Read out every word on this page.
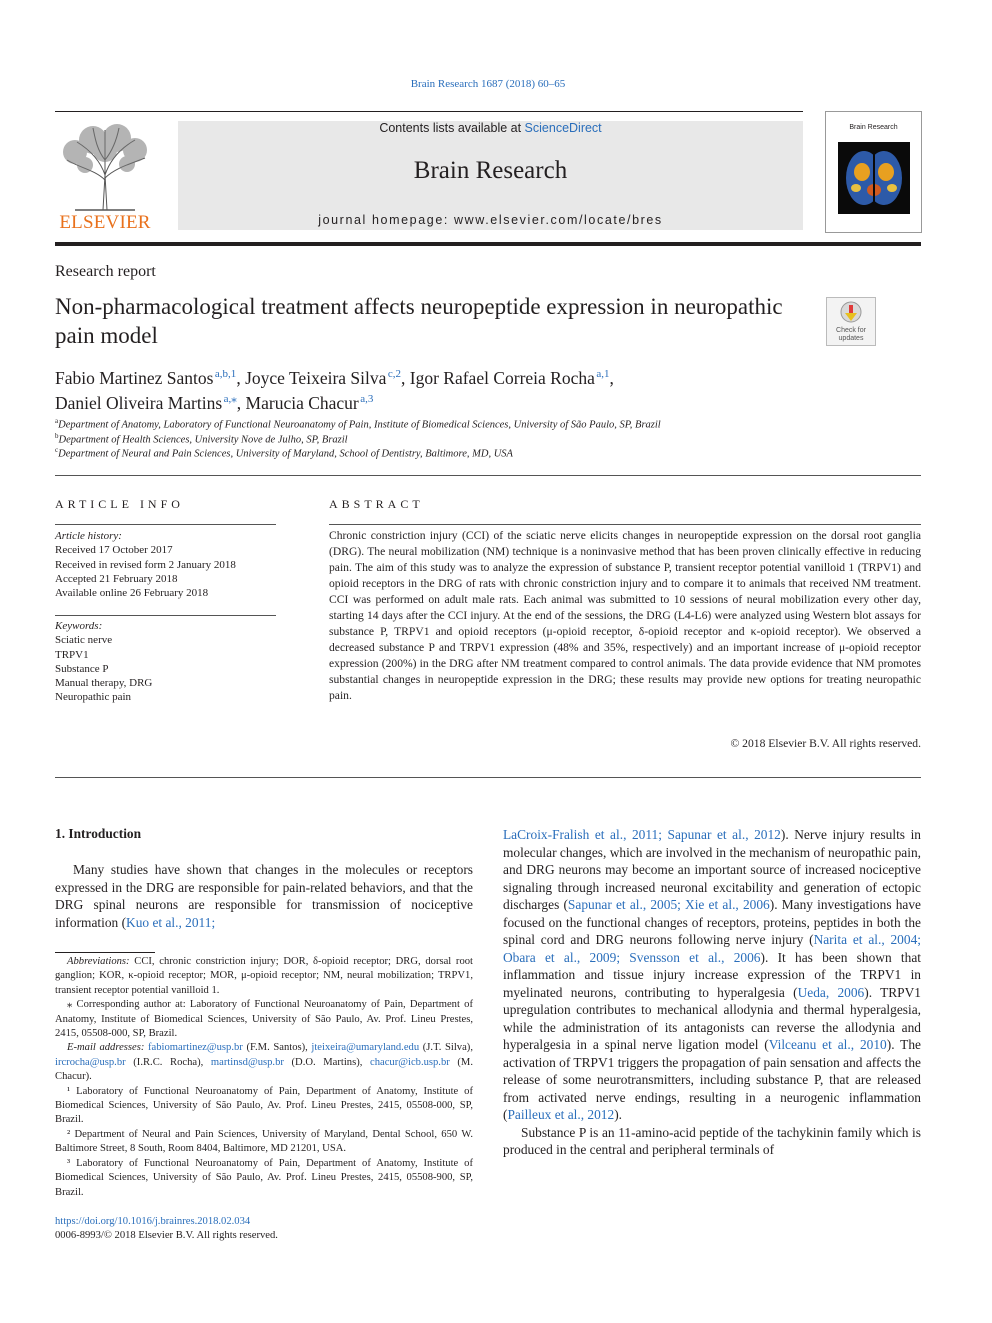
Brain Research 1687 (2018) 60–65
ELSEVIER
Contents lists available at ScienceDirect
Brain Research
journal homepage: www.elsevier.com/locate/bres
Brain Research
Research report
Non-pharmacological treatment affects neuropeptide expression in neuropathic pain model	Check for updates
Fabio Martinez Santos $^{a,b,1}$, Joyce Teixeira Silva $^{c,2}$, Igor Rafael Correia Rocha $^{a,1}$,
Daniel Oliveira Martins $^{a,⁎}$, Marucia Chacur $^{a,3}$
$^a$Department of Anatomy, Laboratory of Functional Neuroanatomy of Pain, Institute of Biomedical Sciences, University of São Paulo, SP, Brazil
$^b$Department of Health Sciences, University Nove de Julho, SP, Brazil
$^c$Department of Neural and Pain Sciences, University of Maryland, School of Dentistry, Baltimore, MD, USA
ARTICLE INFO
Article history:
Received 17 October 2017
Received in revised form 2 January 2018
Accepted 21 February 2018
Available online 26 February 2018
Keywords:
Sciatic nerve
TRPV1
Substance P
Manual therapy, DRG
Neuropathic pain
ABSTRACT
Chronic constriction injury (CCI) of the sciatic nerve elicits changes in neuropeptide expression on the dorsal root ganglia (DRG). The neural mobilization (NM) technique is a noninvasive method that has been proven clinically effective in reducing pain. The aim of this study was to analyze the expression of substance P, transient receptor potential vanilloid 1 (TRPV1) and opioid receptors in the DRG of rats with chronic constriction injury and to compare it to animals that received NM treatment. CCI was performed on adult male rats. Each animal was submitted to 10 sessions of neural mobilization every other day, starting 14 days after the CCI injury. At the end of the sessions, the DRG (L4-L6) were analyzed using Western blot assays for substance P, TRPV1 and opioid receptors (μ-opioid receptor, δ-opioid receptor and κ-opioid receptor). We observed a decreased substance P and TRPV1 expression (48% and 35%, respectively) and an important increase of μ-opioid receptor expression (200%) in the DRG after NM treatment compared to control animals. The data provide evidence that NM promotes substantial changes in neuropeptide expression in the DRG; these results may provide new options for treating neuropathic pain.
© 2018 Elsevier B.V. All rights reserved.
1. Introduction
Many studies have shown that changes in the molecules or receptors expressed in the DRG are responsible for pain-related behaviors, and that the DRG spinal neurons are responsible for transmission of nociceptive information (Kuo et al., 2011;

LaCroix-Fralish et al., 2011; Sapunar et al., 2012). Nerve injury results in molecular changes, which are involved in the mechanism of neuropathic pain, and DRG neurons may become an important source of increased nociceptive signaling through increased neuronal excitability and generation of ectopic discharges (Sapunar et al., 2005; Xie et al., 2006). Many investigations have focused on the functional changes of receptors, proteins, peptides in both the spinal cord and DRG neurons following nerve injury (Narita et al., 2004; Obara et al., 2009; Svensson et al., 2006). It has been shown that inflammation and tissue injury increase expression of the TRPV1 in myelinated neurons, contributing to hyperalgesia (Ueda, 2006). TRPV1 upregulation contributes to mechanical allodynia and thermal hyperalgesia, while the administration of its antagonists can reverse the allodynia and hyperalgesia in a spinal nerve ligation model (Vilceanu et al., 2010). The activation of TRPV1 triggers the propagation of pain sensation and affects the release of some neurotransmitters, including substance P, that are released from activated nerve endings, resulting in a neurogenic inflammation (Pailleux et al., 2012).

Substance P is an 11-amino-acid peptide of the tachykinin family which is produced in the central and peripheral terminals of

Abbreviations: CCI, chronic constriction injury; DOR, δ-opioid receptor; DRG, dorsal root ganglion; KOR, κ-opioid receptor; MOR, μ-opioid receptor; NM, neural mobilization; TRPV1, transient receptor potential vanilloid 1.

⁎ Corresponding author at: Laboratory of Functional Neuroanatomy of Pain, Department of Anatomy, Institute of Biomedical Sciences, University of São Paulo, Av. Prof. Lineu Prestes, 2415, 05508-000, SP, Brazil.

E-mail addresses: fabiomartinez@usp.br (F.M. Santos), jteixeira@umaryland.edu (J.T. Silva), ircrocha@usp.br (I.R.C. Rocha), martinsd@usp.br (D.O. Martins), chacur@icb.usp.br (M. Chacur).

¹ Laboratory of Functional Neuroanatomy of Pain, Department of Anatomy, Institute of Biomedical Sciences, University of São Paulo, Av. Prof. Lineu Prestes, 2415, 05508-000, SP, Brazil.

² Department of Neural and Pain Sciences, University of Maryland, Dental School, 650 W. Baltimore Street, 8 South, Room 8404, Baltimore, MD 21201, USA.

³ Laboratory of Functional Neuroanatomy of Pain, Department of Anatomy, Institute of Biomedical Sciences, University of São Paulo, Av. Prof. Lineu Prestes, 2415, 05508-900, SP, Brazil.

https://doi.org/10.1016/j.brainres.2018.02.034
0006-8993/© 2018 Elsevier B.V. All rights reserved.
